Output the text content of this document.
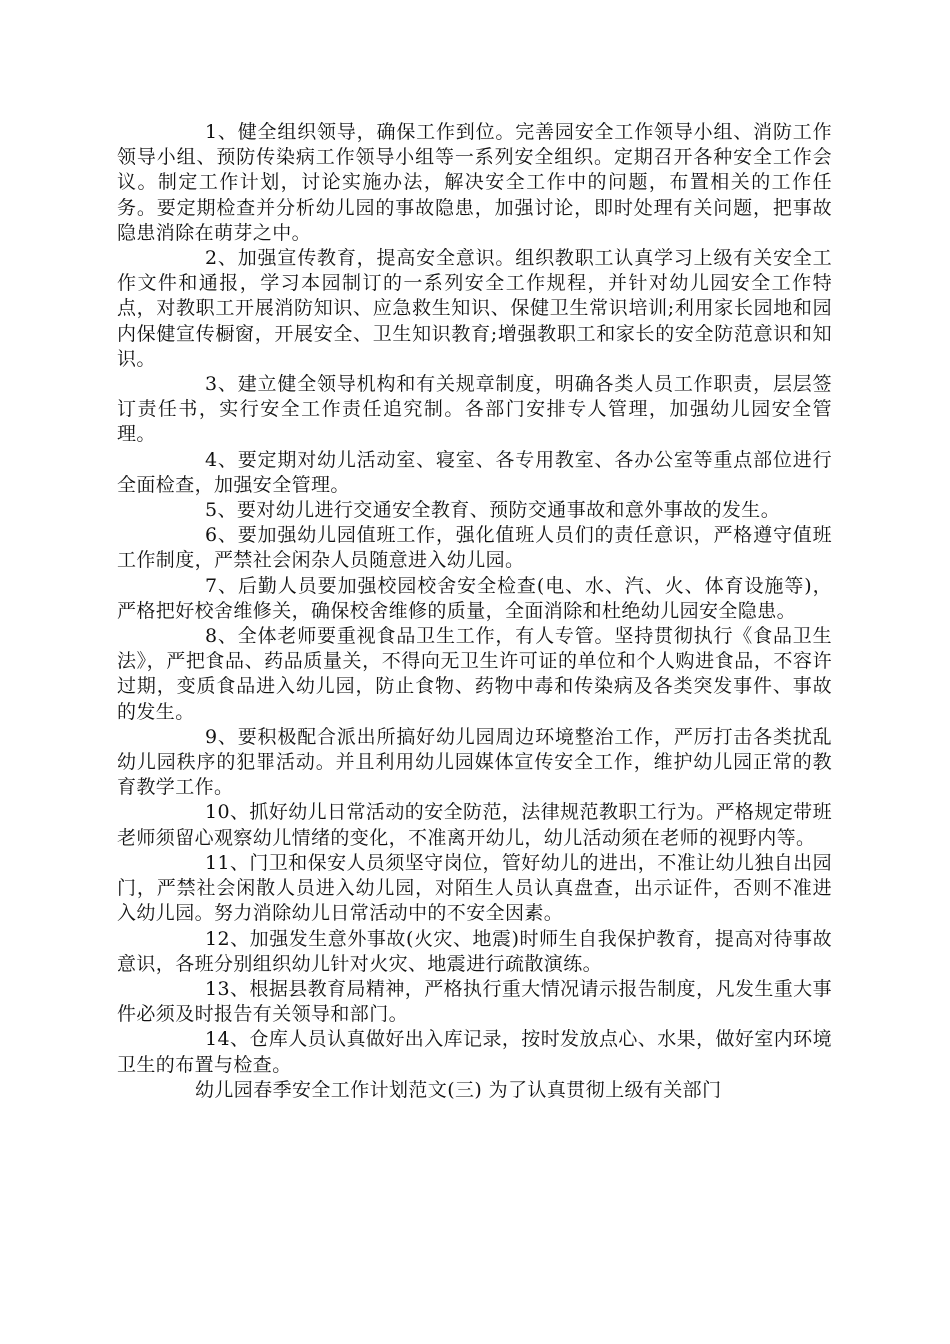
1、健全组织领导，确保工作到位。完善园安全工作领导小组、消防工作领导小组、预防传染病工作领导小组等一系列安全组织。定期召开各种安全工作会议。制定工作计划，讨论实施办法，解决安全工作中的问题，布置相关的工作任务。要定期检查并分析幼儿园的事故隐患，加强讨论，即时处理有关问题，把事故隐患消除在萌芽之中。

2、加强宣传教育，提高安全意识。组织教职工认真学习上级有关安全工作文件和通报，学习本园制订的一系列安全工作规程，并针对幼儿园安全工作特点，对教职工开展消防知识、应急救生知识、保健卫生常识培训;利用家长园地和园内保健宣传橱窗，开展安全、卫生知识教育;增强教职工和家长的安全防范意识和知识。

3、建立健全领导机构和有关规章制度，明确各类人员工作职责，层层签订责任书，实行安全工作责任追究制。各部门安排专人管理，加强幼儿园安全管理。

4、要定期对幼儿活动室、寝室、各专用教室、各办公室等重点部位进行全面检查，加强安全管理。

5、要对幼儿进行交通安全教育、预防交通事故和意外事故的发生。

6、要加强幼儿园值班工作，强化值班人员们的责任意识，严格遵守值班工作制度，严禁社会闲杂人员随意进入幼儿园。

7、后勤人员要加强校园校舍安全检查(电、水、汽、火、体育设施等)，严格把好校舍维修关，确保校舍维修的质量，全面消除和杜绝幼儿园安全隐患。

8、全体老师要重视食品卫生工作，有人专管。坚持贯彻执行《食品卫生法》，严把食品、药品质量关，不得向无卫生许可证的单位和个人购进食品，不容许过期，变质食品进入幼儿园，防止食物、药物中毒和传染病及各类突发事件、事故的发生。

9、要积极配合派出所搞好幼儿园周边环境整治工作，严厉打击各类扰乱幼儿园秩序的犯罪活动。并且利用幼儿园媒体宣传安全工作，维护幼儿园正常的教育教学工作。

10、抓好幼儿日常活动的安全防范，法律规范教职工行为。严格规定带班老师须留心观察幼儿情绪的变化，不准离开幼儿，幼儿活动须在老师的视野内等。

11、门卫和保安人员须坚守岗位，管好幼儿的进出，不准让幼儿独自出园门，严禁社会闲散人员进入幼儿园，对陌生人员认真盘查，出示证件，否则不准进入幼儿园。努力消除幼儿日常活动中的不安全因素。

12、加强发生意外事故(火灾、地震)时师生自我保护教育，提高对待事故意识，各班分别组织幼儿针对火灾、地震进行疏散演练。

13、根据县教育局精神，严格执行重大情况请示报告制度，凡发生重大事件必须及时报告有关领导和部门。

14、仓库人员认真做好出入库记录，按时发放点心、水果，做好室内环境卫生的布置与检查。

幼儿园春季安全工作计划范文(三) 为了认真贯彻上级有关部门
